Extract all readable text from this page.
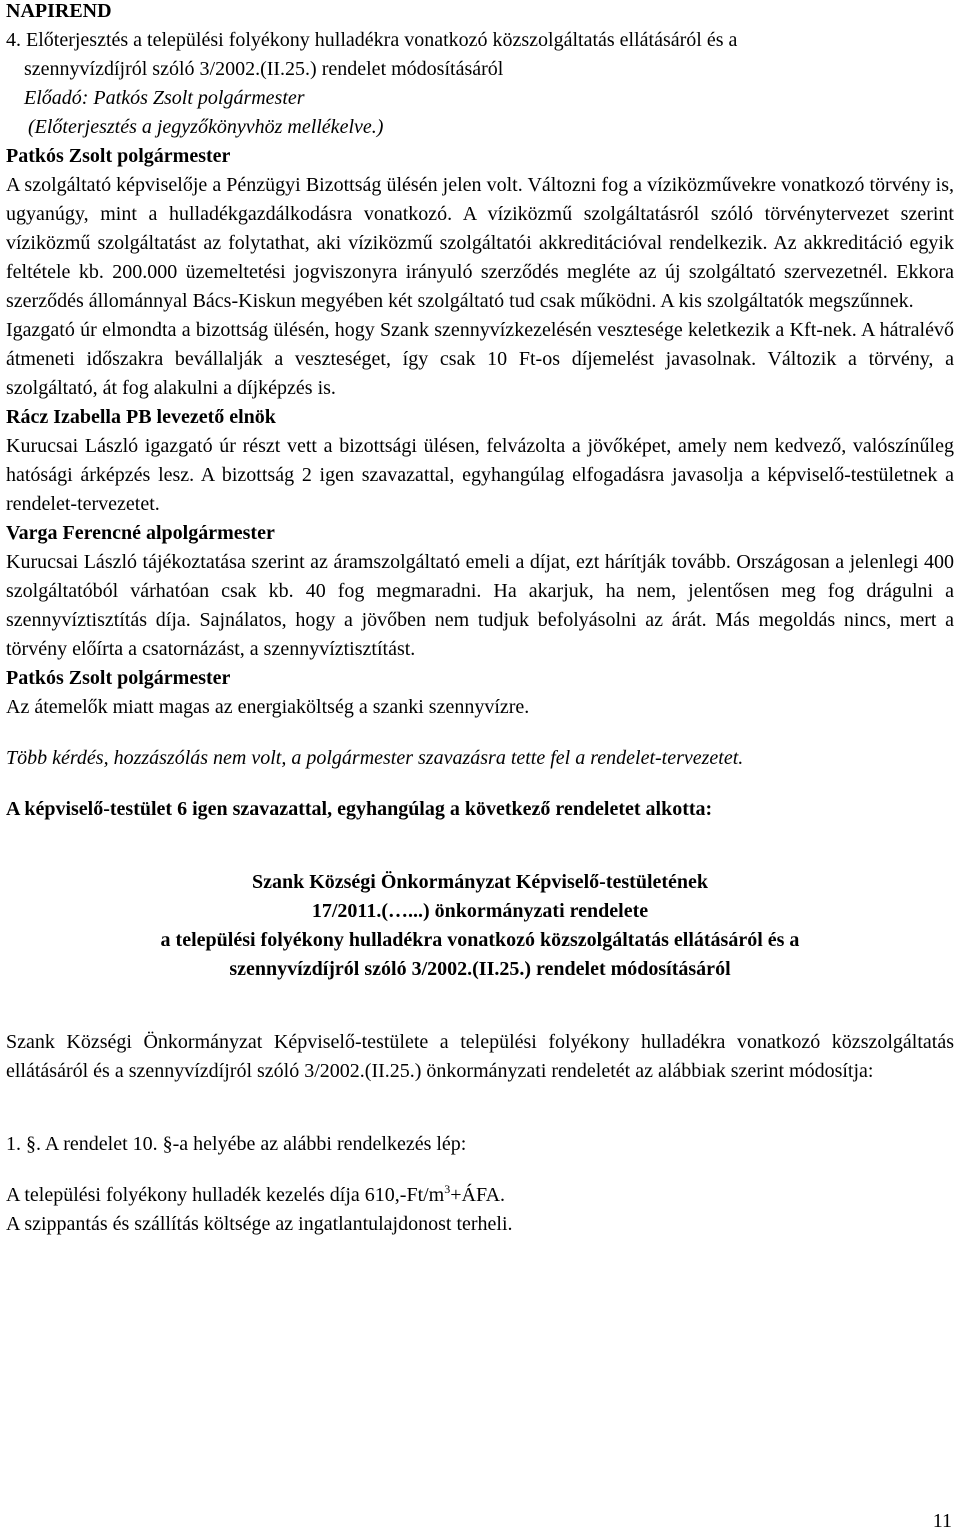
NAPIREND
4. Előterjesztés a települési folyékony hulladékra vonatkozó közszolgáltatás ellátásáról és a
szennyvízdíjról szóló 3/2002.(II.25.) rendelet módosításáról
Előadó: Patkós Zsolt polgármester
(Előterjesztés a jegyzőkönyvhöz mellékelve.)
Patkós Zsolt polgármester
A szolgáltató képviselője a Pénzügyi Bizottság ülésén jelen volt. Változni fog a víziközművekre vonatkozó törvény is, ugyanúgy, mint a hulladékgazdálkodásra vonatkozó. A víziközmű szolgáltatásról szóló törvénytervezet szerint víziközmű szolgáltatást az folytathat, aki víziközmű szolgáltatói akkreditációval rendelkezik. Az akkreditáció egyik feltétele kb. 200.000 üzemeltetési jogviszonyra irányuló szerződés megléte az új szolgáltató szervezetnél. Ekkora szerződés állománnyal Bács-Kiskun megyében két szolgáltató tud csak működni. A kis szolgáltatók megszűnnek.
Igazgató úr elmondta a bizottság ülésén, hogy Szank szennyvízkezelésén vesztesége keletkezik a Kft-nek. A hátralévő átmeneti időszakra bevállalják a veszteséget, így csak 10 Ft-os díjemelést javasolnak. Változik a törvény, a szolgáltató, át fog alakulni a díjképzés is.
Rácz Izabella PB levezető elnök
Kurucsai László igazgató úr részt vett a bizottsági ülésen, felvázolta a jövőképet, amely nem kedvező, valószínűleg hatósági árképzés lesz. A bizottság 2 igen szavazattal, egyhangúlag elfogadásra javasolja a képviselő-testületnek a rendelet-tervezetet.
Varga Ferencné alpolgármester
Kurucsai László tájékoztatása szerint az áramszolgáltató emeli a díjat, ezt hárítják tovább. Országosan a jelenlegi 400 szolgáltatóból várhatóan csak kb. 40 fog megmaradni. Ha akarjuk, ha nem, jelentősen meg fog drágulni a szennyvíztisztítás díja. Sajnálatos, hogy a jövőben nem tudjuk befolyásolni az árát. Más megoldás nincs, mert a törvény előírta a csatornázást, a szennyvíztisztítást.
Patkós Zsolt polgármester
Az átemelők miatt magas az energiaköltség a szanki szennyvízre.
Több kérdés, hozzászólás nem volt, a polgármester szavazásra tette fel a rendelet-tervezetet.
A képviselő-testület 6 igen szavazattal, egyhangúlag a következő rendeletet alkotta:
Szank Községi Önkormányzat Képviselő-testületének
17/2011.(…...) önkormányzati rendelete
a települési folyékony hulladékra vonatkozó közszolgáltatás ellátásáról és a
szennyvízdíjról szóló 3/2002.(II.25.) rendelet módosításáról
Szank Községi Önkormányzat Képviselő-testülete a települési folyékony hulladékra vonatkozó közszolgáltatás ellátásáról és a szennyvízdíjról szóló 3/2002.(II.25.) önkormányzati rendeletét az alábbiak szerint módosítja:
1. §. A rendelet 10. §-a helyébe az alábbi rendelkezés lép:
A települési folyékony hulladék kezelés díja $610,-Ft/m^3+ÁFA$.
A szippantás és szállítás költsége az ingatlantulajdonost terheli.
11
